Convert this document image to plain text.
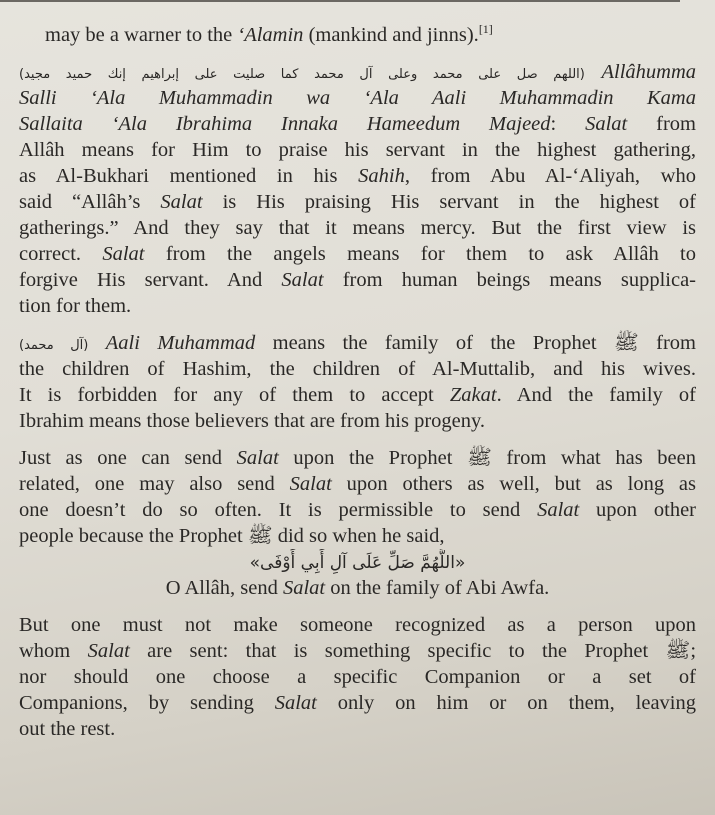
may be a warner to the ‘Alamin (mankind and jinns).[1]
(اللهم صل على محمد وعلى آل محمد كما صليت على إبراهيم إنك حميد مجيد) Allâhumma
Salli ‘Ala Muhammadin wa ‘Ala Aali Muhammadin Kama
Sallaita ‘Ala Ibrahima Innaka Hameedum Majeed: Salat from
Allâh means for Him to praise his servant in the highest gathering,
as Al-Bukhari mentioned in his Sahih, from Abu Al-‘Aliyah, who
said “Allâh’s Salat is His praising His servant in the highest of
gatherings.” And they say that it means mercy. But the first view is
correct. Salat from the angels means for them to ask Allâh to
forgive His servant. And Salat from human beings means supplica-
tion for them.
(آل محمد) Aali Muhammad means the family of the Prophet ﷺ from
the children of Hashim, the children of Al-Muttalib, and his wives.
It is forbidden for any of them to accept Zakat. And the family of
Ibrahim means those believers that are from his progeny.
Just as one can send Salat upon the Prophet ﷺ from what has been
related, one may also send Salat upon others as well, but as long as
one doesn’t do so often. It is permissible to send Salat upon other
people because the Prophet ﷺ did so when he said,
«اللَّهُمَّ صَلِّ عَلَى آلِ أَبِي أَوْفَى»
O Allâh, send Salat on the family of Abi Awfa.
But one must not make someone recognized as a person upon
whom Salat are sent: that is something specific to the Prophet ﷺ;
nor should one choose a specific Companion or a set of
Companions, by sending Salat only on him or on them, leaving
out the rest.
